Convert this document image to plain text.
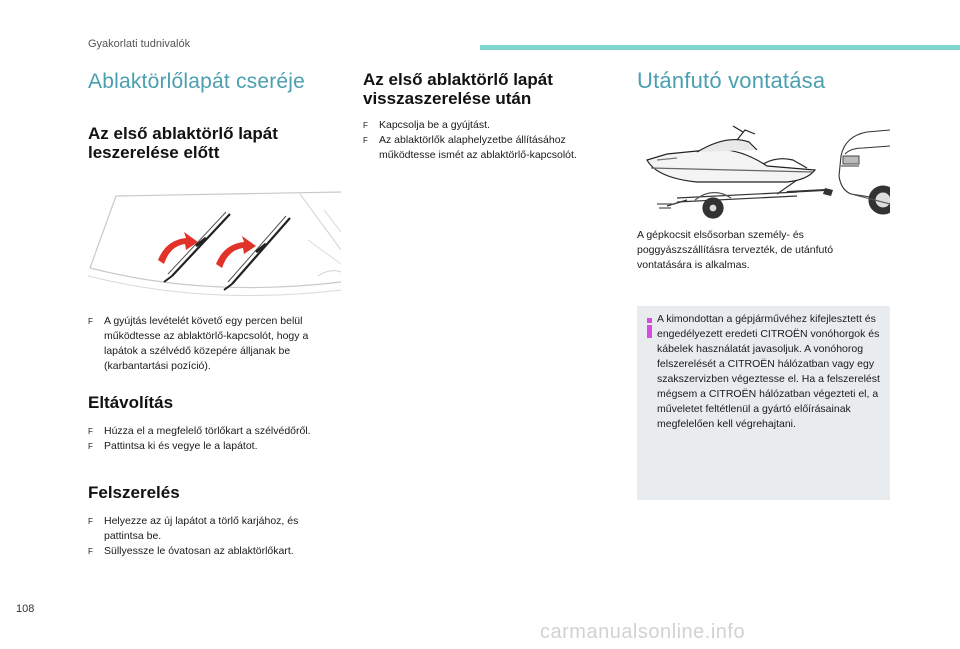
Gyakorlati tudnivalók
Ablaktörlőlapát cseréje
Az első ablaktörlő lapát leszerelése előtt
F A gyújtás levételét követő egy percen belül működtesse az ablaktörlő-kapcsolót, hogy a lapátok a szélvédő közepére álljanak be (karbantartási pozíció).
Eltávolítás
F Húzza el a megfelelő törlőkart a szélvédőről.
F Pattintsa ki és vegye le a lapátot.
Felszerelés
F Helyezze az új lapátot a törlő karjához, és pattintsa be.
F Süllyessze le óvatosan az ablaktörlőkart.
Az első ablaktörlő lapát visszaszerelése után
F Kapcsolja be a gyújtást.
F Az ablaktörlők alaphelyzetbe állításához működtesse ismét az ablaktörlő-kapcsolót.
Utánfutó vontatása
A gépkocsit elsősorban személy- és poggyászszállításra tervezték, de utánfutó vontatására is alkalmas.
A kimondottan a gépjárművéhez kifejlesztett és engedélyezett eredeti CITROËN vonóhorgok és kábelek használatát javasoljuk. A vonóhorog felszerelését a CITROËN hálózatban vagy egy szakszervizben végeztesse el. Ha a felszerelést mégsem a CITROËN hálózatban végezteti el, a műveletet feltétlenül a gyártó előírásainak megfelelően kell végrehajtani.
108
carmanualsonline.info
